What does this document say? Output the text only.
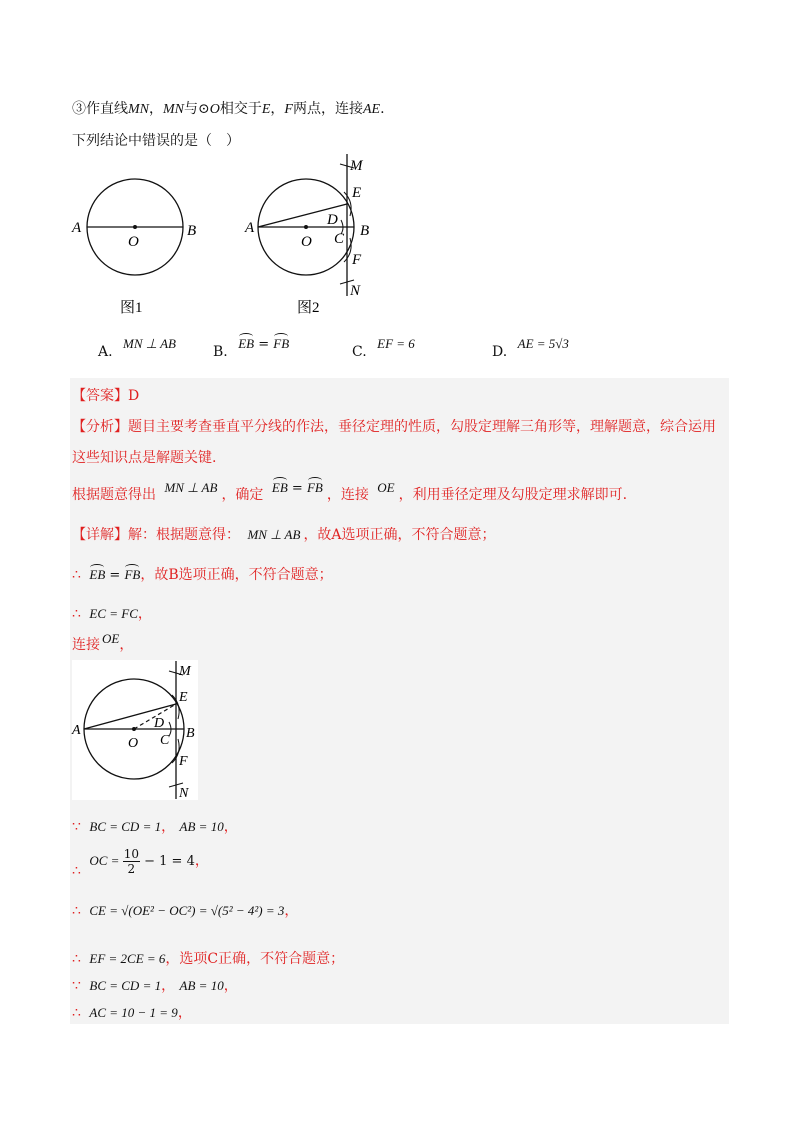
③作直线MN，MN与⊙O相交于E，F两点，连接AE.
下列结论中错误的是（　）
A	B
O
图1
A	B
O
M
E
D
C
F
N
图2
A. MN ⊥ AB
B. EB = FB
C. EF = 6
D. AE = 5√3
【答案】D
【分析】题目主要考查垂直平分线的作法，垂径定理的性质，勾股定理解三角形等，理解题意，综合运用
这些知识点是解题关键.
根据题意得出 MN ⊥ AB ，确定 EB = FB ，连接 OE ，利用垂径定理及勾股定理求解即可.
【详解】解：根据题意得： MN ⊥ AB ，故A选项正确，不符合题意；
∴ EB = FB，故B选项正确，不符合题意；
∴ EC = FC，
连接 OE，
A	B
O
M
E
D
C
F
N
∵ BC = CD = 1， AB = 10，
∴ OC = $\frac{10}{2} - 1 = 4$，
∴ CE = √(OE² − OC²) = √(5² − 4²) = 3，
∴ EF = 2CE = 6，选项C正确，不符合题意；
∵ BC = CD = 1， AB = 10，
∴ AC = 10 − 1 = 9，
